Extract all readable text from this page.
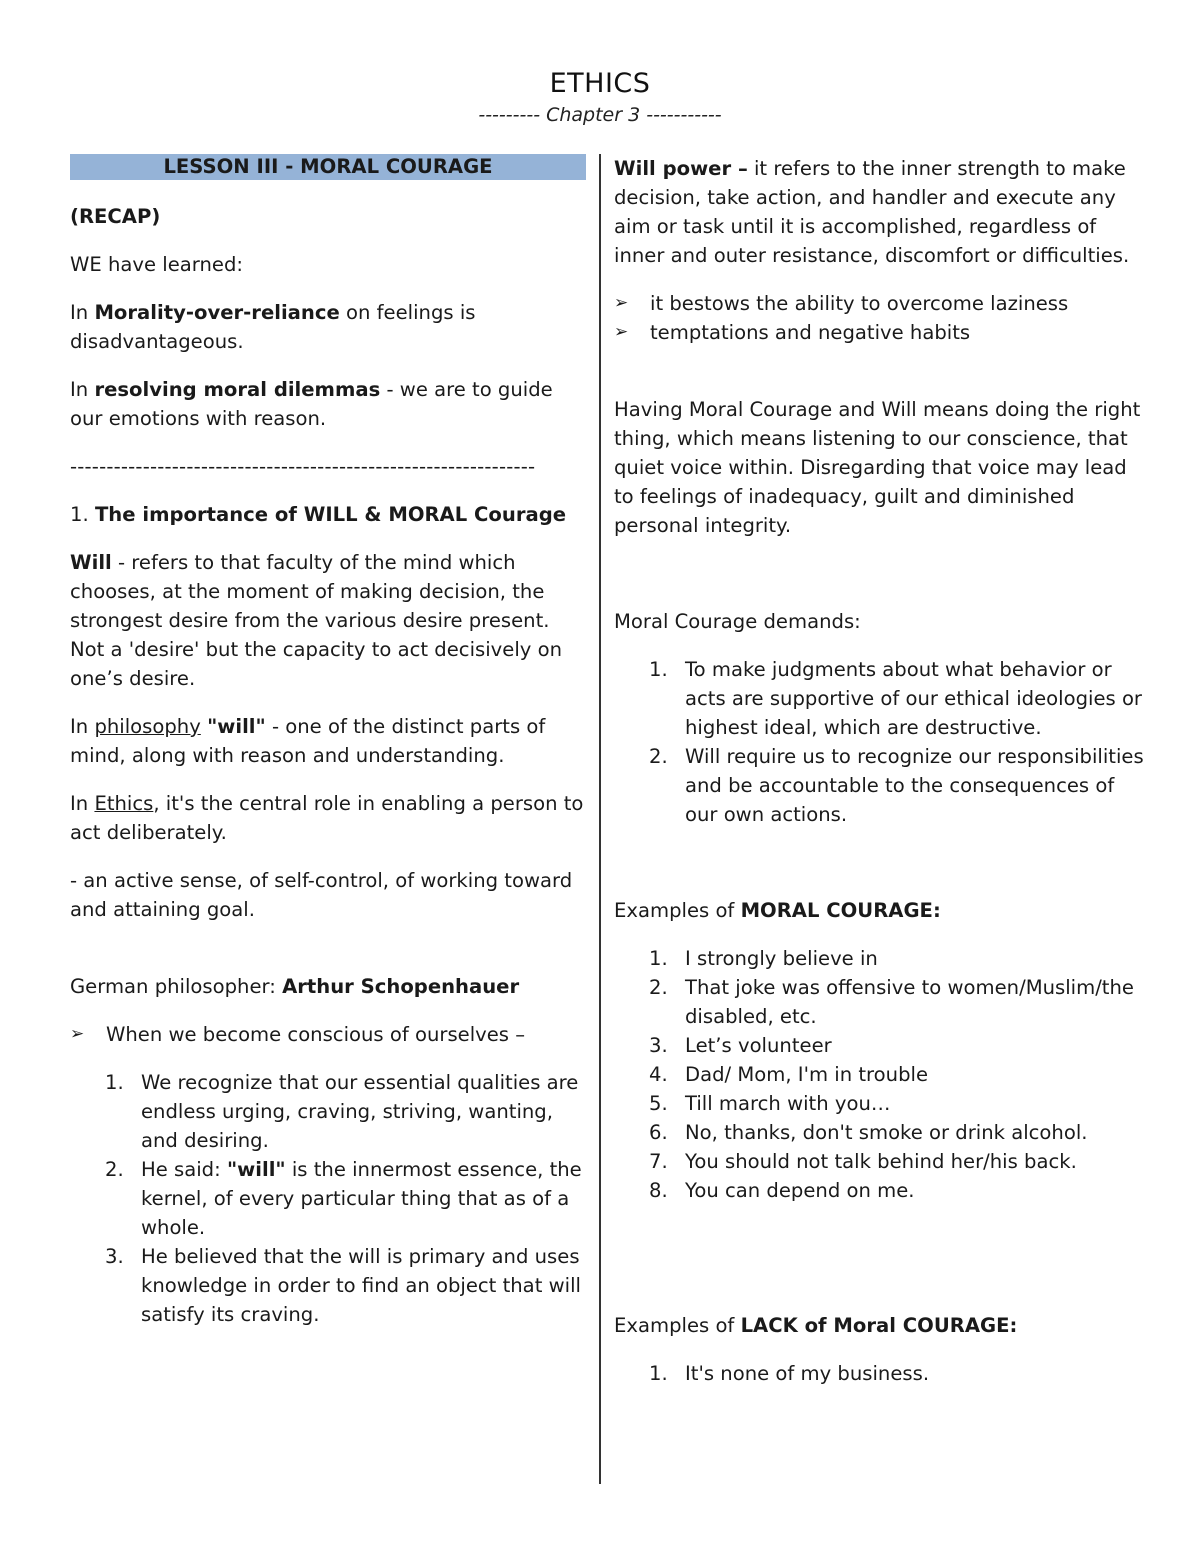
ETHICS
--------- Chapter 3 -----------
LESSON III - MORAL COURAGE

(RECAP)

WE have learned:

In Morality-over-reliance on feelings is disadvantageous.

In resolving moral dilemmas - we are to guide our emotions with reason.

----------------------------------------------------------------

1. The importance of WILL & MORAL Courage

Will - refers to that faculty of the mind which chooses, at the moment of making decision, the strongest desire from the various desire present. Not a 'desire' but the capacity to act decisively on one’s desire.

In philosophy "will" - one of the distinct parts of mind, along with reason and understanding.

In Ethics, it's the central role in enabling a person to act deliberately.

- an active sense, of self-control, of working toward and attaining goal.

German philosopher: Arthur Schopenhauer

➢ When we become conscious of ourselves –
1. We recognize that our essential qualities are endless urging, craving, striving, wanting, and desiring.
2. He said: "will" is the innermost essence, the kernel, of every particular thing that as of a whole.
3. He believed that the will is primary and uses knowledge in order to find an object that will satisfy its craving.

Will power – it refers to the inner strength to make decision, take action, and handler and execute any aim or task until it is accomplished, regardless of inner and outer resistance, discomfort or difficulties.

➢ it bestows the ability to overcome laziness
➢ temptations and negative habits

Having Moral Courage and Will means doing the right thing, which means listening to our conscience, that quiet voice within. Disregarding that voice may lead to feelings of inadequacy, guilt and diminished personal integrity.

Moral Courage demands:

1. To make judgments about what behavior or acts are supportive of our ethical ideologies or highest ideal, which are destructive.
2. Will require us to recognize our responsibilities and be accountable to the consequences of our own actions.

Examples of MORAL COURAGE:

1. I strongly believe in
2. That joke was offensive to women/Muslim/the disabled, etc.
3. Let’s volunteer
4. Dad/ Mom, I'm in trouble
5. Till march with you…
6. No, thanks, don't smoke or drink alcohol.
7. You should not talk behind her/his back.
8. You can depend on me.

Examples of LACK of Moral COURAGE:

1. It's none of my business.
